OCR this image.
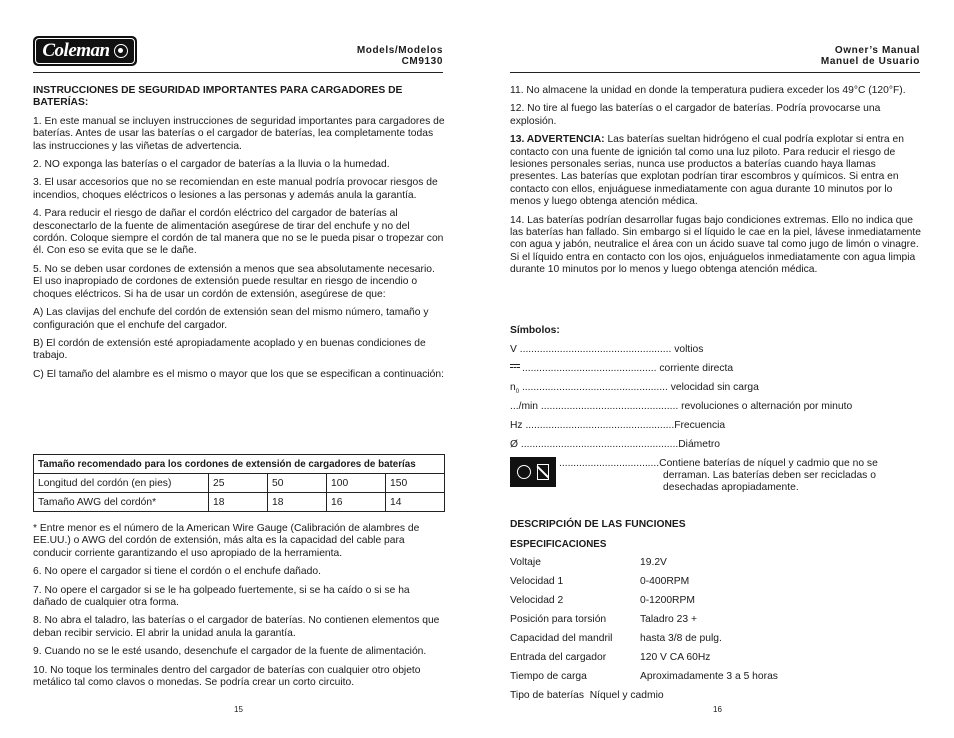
Coleman	Models/Modelos
CM9130

INSTRUCCIONES DE SEGURIDAD IMPORTANTES PARA CARGADORES DE BATERÍAS:

1. En este manual se incluyen instrucciones de seguridad importantes para cargadores de baterías. Antes de usar las baterías o el cargador de baterías, lea completamente todas las instrucciones y las viñetas de advertencia.

2. NO exponga las baterías o el cargador de baterías a la lluvia o la humedad.

3. El usar accesorios que no se recomiendan en este manual podría provocar riesgos de incendios, choques eléctricos o lesiones a las personas y además anula la garantía.

4. Para reducir el riesgo de dañar el cordón eléctrico del cargador de baterías al desconectarlo de la fuente de alimentación asegúrese de tirar del enchufe y no del cordón. Coloque siempre el cordón de tal manera que no se le pueda pisar o tropezar con él. Con eso se evita que se le dañe.

5. No se deben usar cordones de extensión a menos que sea absolutamente necesario. El uso inapropiado de cordones de extensión puede resultar en riesgo de incendio o choques eléctricos. Si ha de usar un cordón de extensión, asegúrese de que:

A) Las clavijas del enchufe del cordón de extensión sean del mismo número, tamaño y configuración que el enchufe del cargador.

B) El cordón de extensión esté apropiadamente acoplado y en buenas condiciones de trabajo.

C) El tamaño del alambre es el mismo o mayor que los que se especifican a continuación:

Tamaño recomendado para los cordones de extensión de cargadores de baterías				
Longitud del cordón (en pies)	25	50	100	150
Tamaño AWG del cordón*	18	18	16	14

* Entre menor es el número de la American Wire Gauge (Calibración de alambres de EE.UU.) o AWG del cordón de extensión, más alta es la capacidad del cable para conducir corriente garantizando el uso apropiado de la herramienta.

6. No opere el cargador si tiene el cordón o el enchufe dañado.

7. No opere el cargador si se le ha golpeado fuertemente, si se ha caído o si se ha dañado de cualquier otra forma.

8. No abra el taladro, las baterías o el cargador de baterías. No contienen elementos que deban recibir servicio. El abrir la unidad anula la garantía.

9. Cuando no se le esté usando, desenchufe el cargador de la fuente de alimentación.

10. No toque los terminales dentro del cargador de baterías con cualquier otro objeto metálico tal como clavos o monedas. Se podría crear un corto circuito.

15
Owner’s Manual
Manuel de Usuario

11. No almacene la unidad en donde la temperatura pudiera exceder los 49°C (120°F).

12. No tire al fuego las baterías o el cargador de baterías. Podría provocarse una explosión.

13. ADVERTENCIA: Las baterías sueltan hidrógeno el cual podría explotar si entra en contacto con una fuente de ignición tal como una luz piloto. Para reducir el riesgo de lesiones personales serias, nunca use productos a baterías cuando haya llamas presentes. Las baterías que explotan podrían tirar escombros y químicos. Si entra en contacto con ellos, enjuáguese inmediatamente con agua durante 10 minutos por lo menos y luego obtenga atención médica.

14. Las baterías podrían desarrollar fugas bajo condiciones extremas. Ello no indica que las baterías han fallado. Sin embargo si el líquido le cae en la piel, lávese inmediatamente con agua y jabón, neutralice el área con un ácido suave tal como jugo de limón o vinagre. Si el líquido entra en contacto con los ojos, enjuáguelos inmediatamente con agua limpia durante 10 minutos por lo menos y luego obtenga atención médica.

Símbolos:
V ..................................................... voltios
............................................... corriente directa
$n_0$ ................................................... velocidad sin carga
.../min ................................................ revoluciones o alternación por minuto
Hz ....................................................Frecuencia
Ø .......................................................Diámetro
...................................Contiene baterías de níquel y cadmio que no se
derraman. Las baterías deben ser recicladas o
desechadas apropiadamente.
DESCRIPCIÓN DE LAS FUNCIONES
ESPECIFICACIONES
Voltaje	19.2V
Velocidad 1	0-400RPM
Velocidad 2	0-1200RPM
Posición para torsión	Taladro 23 +
Capacidad del mandril	hasta 3/8 de pulg.
Entrada del cargador	120 V CA 60Hz
Tiempo de carga	Aproximadamente 3 a 5 horas
Tipo de baterías  Níquel y cadmio
16
